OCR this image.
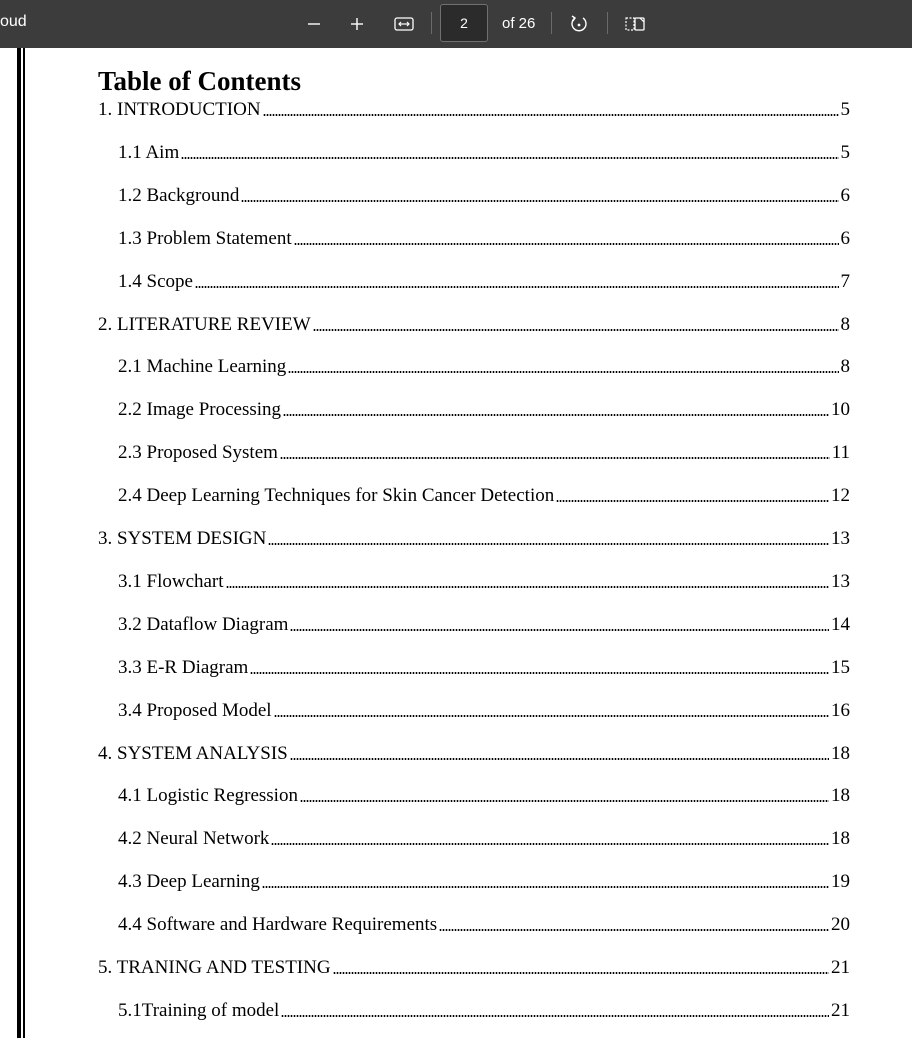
oud
2	of 26
Table of Contents
1. INTRODUCTION	5
1.1 Aim	5
1.2 Background	6
1.3 Problem Statement	6
1.4 Scope	7
2. LITERATURE REVIEW	8
2.1 Machine Learning	8
2.2 Image Processing	10
2.3 Proposed System	11
2.4 Deep Learning Techniques for Skin Cancer Detection	12
3. SYSTEM DESIGN	13
3.1 Flowchart	13
3.2 Dataflow Diagram	14
3.3 E-R Diagram	15
3.4 Proposed Model	16
4. SYSTEM ANALYSIS	18
4.1 Logistic Regression	18
4.2 Neural Network	18
4.3 Deep Learning	19
4.4 Software and Hardware Requirements	20
5. TRANING AND TESTING	21
5.1Training of model	21
